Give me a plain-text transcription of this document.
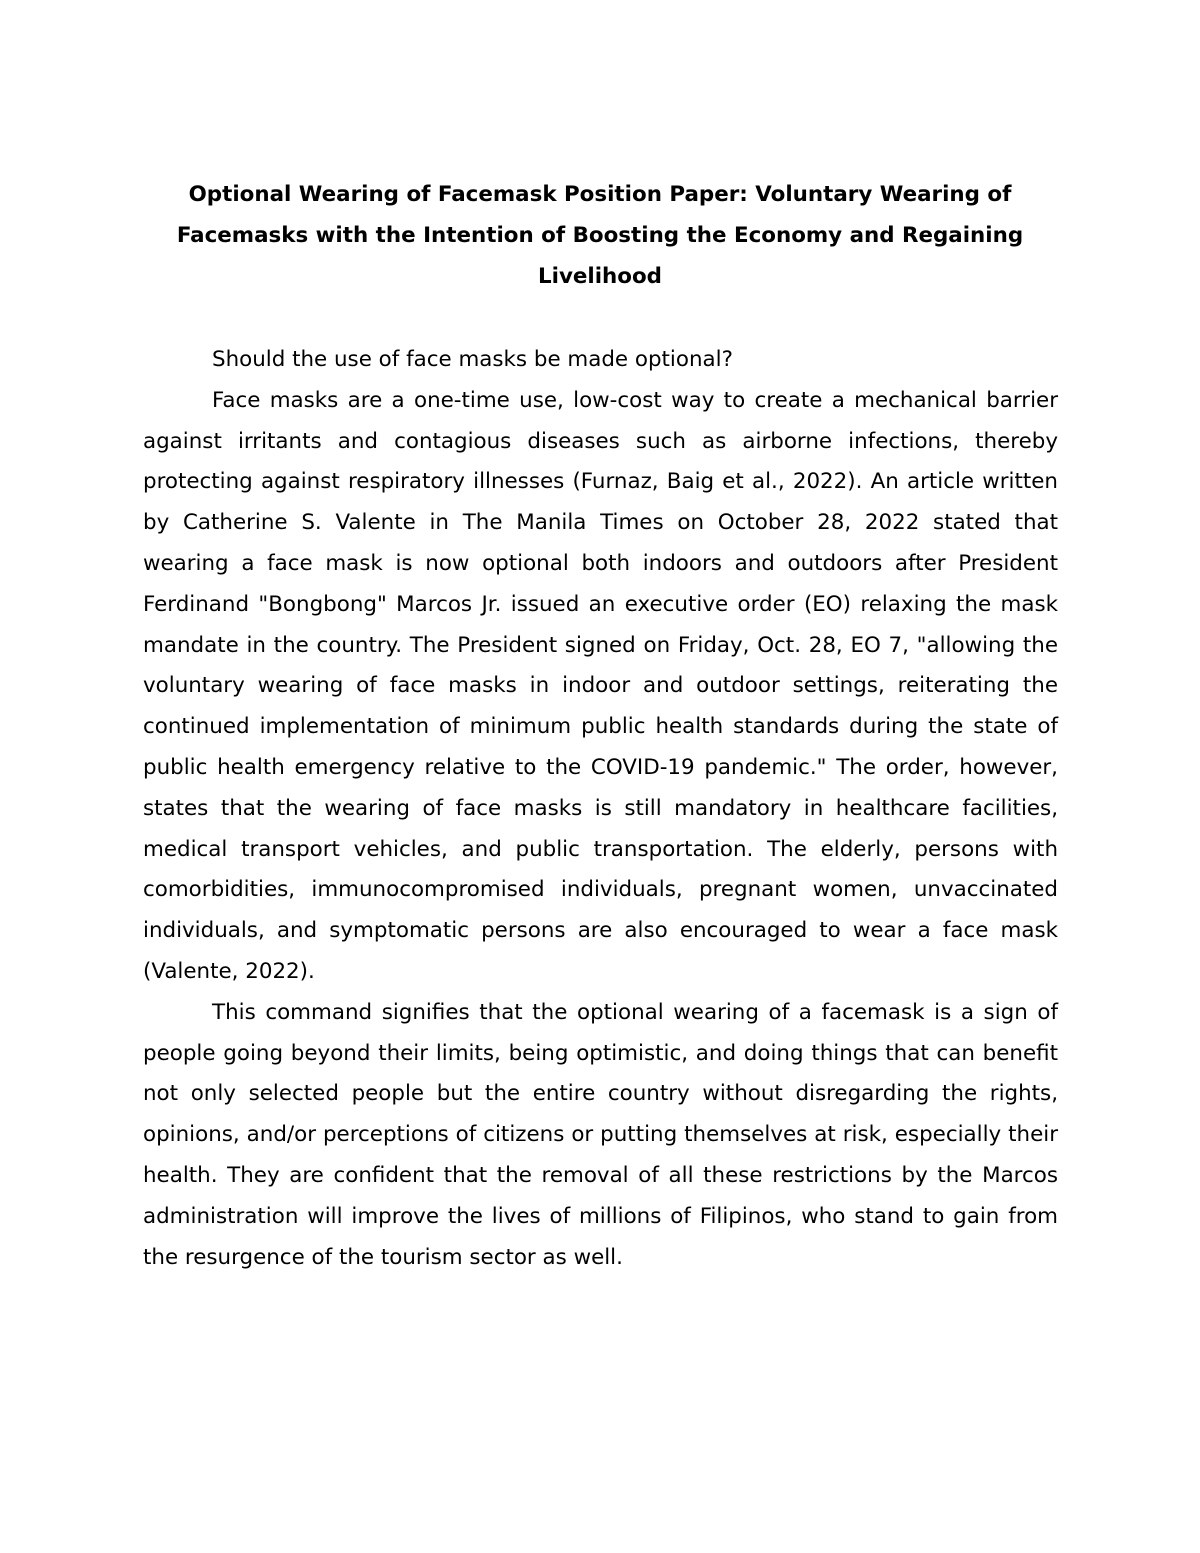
Optional Wearing of Facemask Position Paper: Voluntary Wearing of Facemasks with the Intention of Boosting the Economy and Regaining Livelihood

Should the use of face masks be made optional?

Face masks are a one-time use, low-cost way to create a mechanical barrier against irritants and contagious diseases such as airborne infections, thereby protecting against respiratory illnesses (Furnaz, Baig et al., 2022). An article written by Catherine S. Valente in The Manila Times on October 28, 2022 stated that wearing a face mask is now optional both indoors and outdoors after President Ferdinand "Bongbong" Marcos Jr. issued an executive order (EO) relaxing the mask mandate in the country. The President signed on Friday, Oct. 28, EO 7, "allowing the voluntary wearing of face masks in indoor and outdoor settings, reiterating the continued implementation of minimum public health standards during the state of public health emergency relative to the COVID-19 pandemic." The order, however, states that the wearing of face masks is still mandatory in healthcare facilities, medical transport vehicles, and public transportation. The elderly, persons with comorbidities, immunocompromised individuals, pregnant women, unvaccinated individuals, and symptomatic persons are also encouraged to wear a face mask (Valente, 2022).

This command signifies that the optional wearing of a facemask is a sign of people going beyond their limits, being optimistic, and doing things that can benefit not only selected people but the entire country without disregarding the rights, opinions, and/or perceptions of citizens or putting themselves at risk, especially their health. They are confident that the removal of all these restrictions by the Marcos administration will improve the lives of millions of Filipinos, who stand to gain from the resurgence of the tourism sector as well.
